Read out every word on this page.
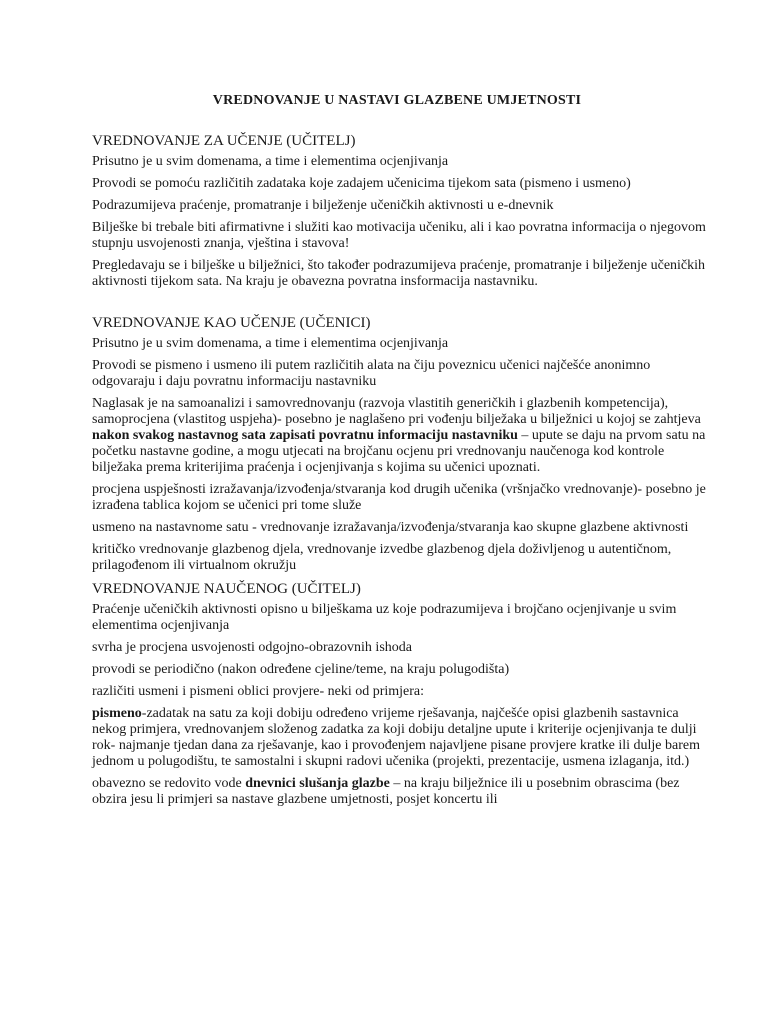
VREDNOVANJE U NASTAVI GLAZBENE UMJETNOSTI
VREDNOVANJE ZA UČENJE (UČITELJ)
Prisutno je u svim domenama, a time i elementima ocjenjivanja
Provodi se pomoću različitih zadataka koje zadajem učenicima tijekom sata (pismeno i usmeno)
Podrazumijeva praćenje, promatranje i bilježenje učeničkih aktivnosti u e-dnevnik
Bilješke bi trebale biti afirmativne i služiti kao motivacija učeniku, ali i kao povratna informacija o njegovom stupnju usvojenosti znanja, vještina i stavova!
Pregledavaju se i bilješke u bilježnici, što također podrazumijeva praćenje, promatranje i bilježenje učeničkih aktivnosti tijekom sata. Na kraju je obavezna povratna insformacija nastavniku.
VREDNOVANJE KAO UČENJE (UČENICI)
Prisutno je u svim domenama, a time i elementima ocjenjivanja
Provodi se pismeno i usmeno ili putem različitih alata na čiju poveznicu učenici najčešće anonimno odgovaraju i daju povratnu informaciju nastavniku
Naglasak je na samoanalizi i samovrednovanju (razvoja vlastitih generičkih i glazbenih kompetencija), samoprocjena (vlastitog uspjeha)- posebno je naglašeno pri vođenju bilježaka u bilježnici u kojoj se zahtjeva nakon svakog nastavnog sata zapisati povratnu informaciju nastavniku – upute se daju na prvom satu na početku nastavne godine, a mogu utjecati na brojčanu ocjenu pri vrednovanju naučenoga kod kontrole bilježaka prema kriterijima praćenja i ocjenjivanja s kojima su učenici upoznati.
procjena uspješnosti izražavanja/izvođenja/stvaranja kod drugih učenika (vršnjačko vrednovanje)- posebno je izrađena tablica kojom se učenici pri tome služe
usmeno na nastavnome satu - vrednovanje izražavanja/izvođenja/stvaranja kao skupne glazbene aktivnosti
kritičko vrednovanje glazbenog djela, vrednovanje izvedbe glazbenog djela doživljenog u autentičnom, prilagođenom ili virtualnom okružju
VREDNOVANJE NAUČENOG (UČITELJ)
Praćenje učeničkih aktivnosti opisno u bilješkama uz koje podrazumijeva i brojčano ocjenjivanje u svim elementima ocjenjivanja
svrha je procjena usvojenosti odgojno-obrazovnih ishoda
provodi se periodično (nakon određene cjeline/teme, na kraju polugodišta)
različiti usmeni i pismeni oblici provjere- neki od primjera:
pismeno-zadatak na satu za koji dobiju određeno vrijeme rješavanja, najčešće opisi glazbenih sastavnica nekog primjera, vrednovanjem složenog zadatka za koji dobiju detaljne upute i kriterije ocjenjivanja te dulji rok- najmanje tjedan dana za rješavanje, kao i provođenjem najavljene pisane provjere kratke ili dulje barem jednom u polugodištu, te samostalni i skupni radovi učenika (projekti, prezentacije, usmena izlaganja, itd.)
obavezno se redovito vode dnevnici slušanja glazbe – na kraju bilježnice ili u posebnim obrascima (bez obzira jesu li primjeri sa nastave glazbene umjetnosti, posjet koncertu ili
